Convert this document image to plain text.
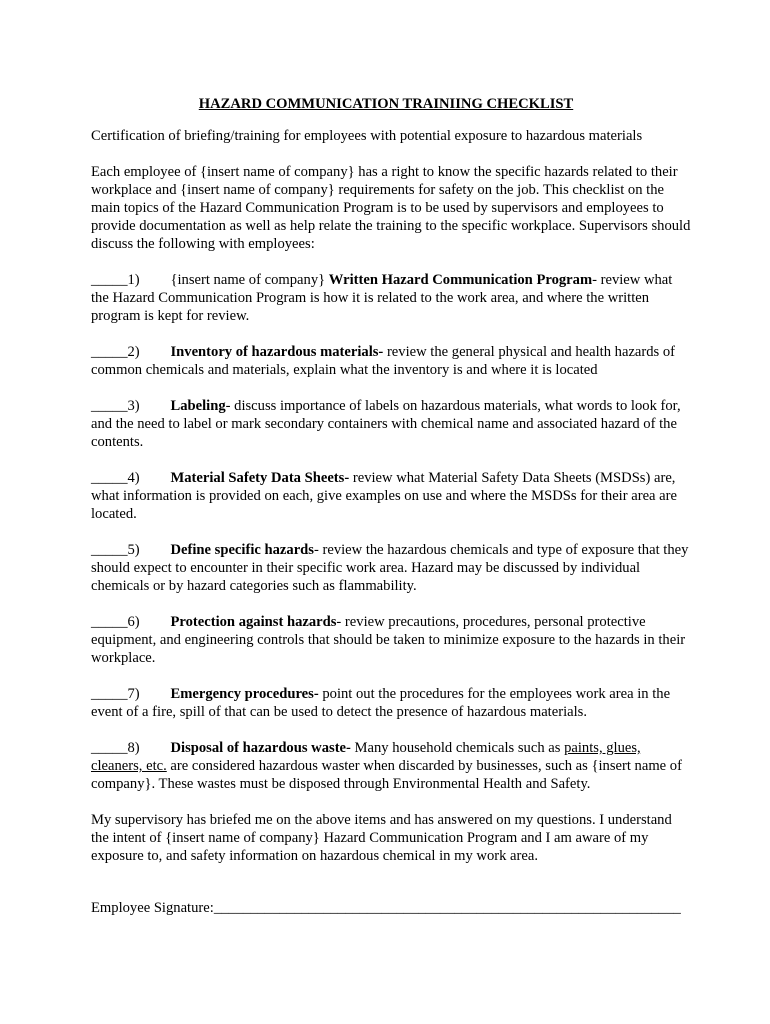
HAZARD COMMUNICATION TRAINIING CHECKLIST

Certification of briefing/training for employees with potential exposure to hazardous materials

Each employee of {insert name of company} has a right to know the specific hazards related to their workplace and {insert name of company} requirements for safety on the job. This checklist on the main topics of the Hazard Communication Program is to be used by supervisors and employees to provide documentation as well as help relate the training to the specific workplace. Supervisors should discuss the following with employees:

_____1) {insert name of company} Written Hazard Communication Program- review what the Hazard Communication Program is how it is related to the work area, and where the written program is kept for review.

_____2) Inventory of hazardous materials- review the general physical and health hazards of common chemicals and materials, explain what the inventory is and where it is located

_____3) Labeling- discuss importance of labels on hazardous materials, what words to look for, and the need to label or mark secondary containers with chemical name and associated hazard of the contents.

_____4) Material Safety Data Sheets- review what Material Safety Data Sheets (MSDSs) are, what information is provided on each, give examples on use and where the MSDSs for their area are located.

_____5) Define specific hazards- review the hazardous chemicals and type of exposure that they should expect to encounter in their specific work area. Hazard may be discussed by individual chemicals or by hazard categories such as flammability.

_____6) Protection against hazards- review precautions, procedures, personal protective equipment, and engineering controls that should be taken to minimize exposure to the hazards in their workplace.

_____7) Emergency procedures- point out the procedures for the employees work area in the event of a fire, spill of that can be used to detect the presence of hazardous materials.

_____8) Disposal of hazardous waste- Many household chemicals such as paints, glues, cleaners, etc. are considered hazardous waster when discarded by businesses, such as {insert name of company}. These wastes must be disposed through Environmental Health and Safety.

My supervisory has briefed me on the above items and has answered on my questions. I understand the intent of {insert name of company} Hazard Communication Program and I am aware of my exposure to, and safety information on hazardous chemical in my work area.

Employee Signature:________________________________________________________________
